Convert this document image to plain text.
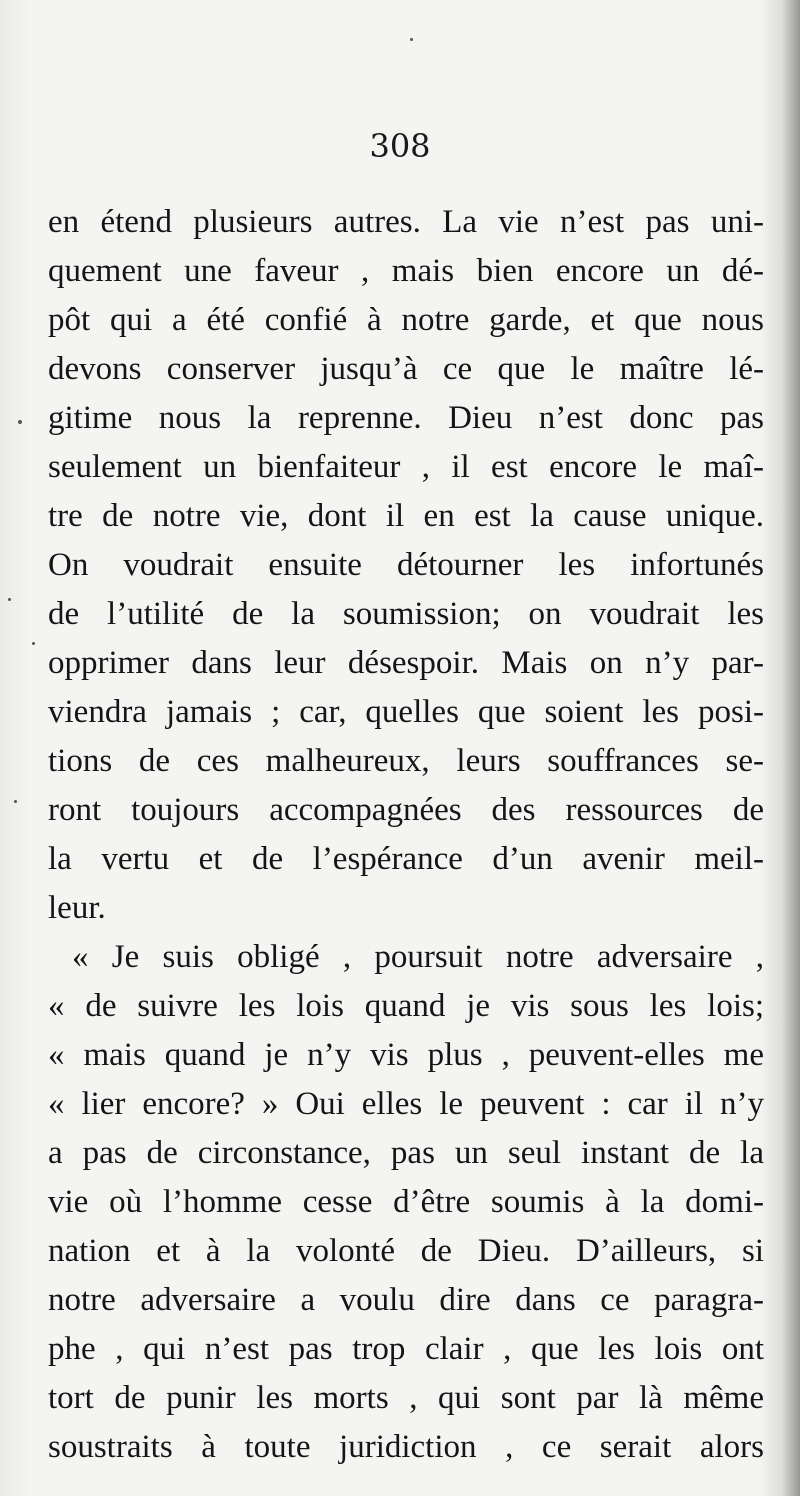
308

en étend plusieurs autres. La vie n’est pas uni-
quement une faveur , mais bien encore un dé-
pôt qui a été confié à notre garde, et que nous
devons conserver jusqu’à ce que le maître lé-
gitime nous la reprenne. Dieu n’est donc pas
seulement un bienfaiteur , il est encore le maî-
tre de notre vie, dont il en est la cause unique.
On voudrait ensuite détourner les infortunés
de l’utilité de la soumission; on voudrait les
opprimer dans leur désespoir. Mais on n’y par-
viendra jamais ; car, quelles que soient les posi-
tions de ces malheureux, leurs souffrances se-
ront toujours accompagnées des ressources de
la vertu et de l’espérance d’un avenir meil-
leur.
« Je suis obligé , poursuit notre adversaire ,
« de suivre les lois quand je vis sous les lois;
« mais quand je n’y vis plus , peuvent-elles me
« lier encore? » Oui elles le peuvent : car il n’y
a pas de circonstance, pas un seul instant de la
vie où l’homme cesse d’être soumis à la domi-
nation et à la volonté de Dieu. D’ailleurs, si
notre adversaire a voulu dire dans ce paragra-
phe , qui n’est pas trop clair , que les lois ont
tort de punir les morts , qui sont par là même
soustraits à toute juridiction , ce serait alors
